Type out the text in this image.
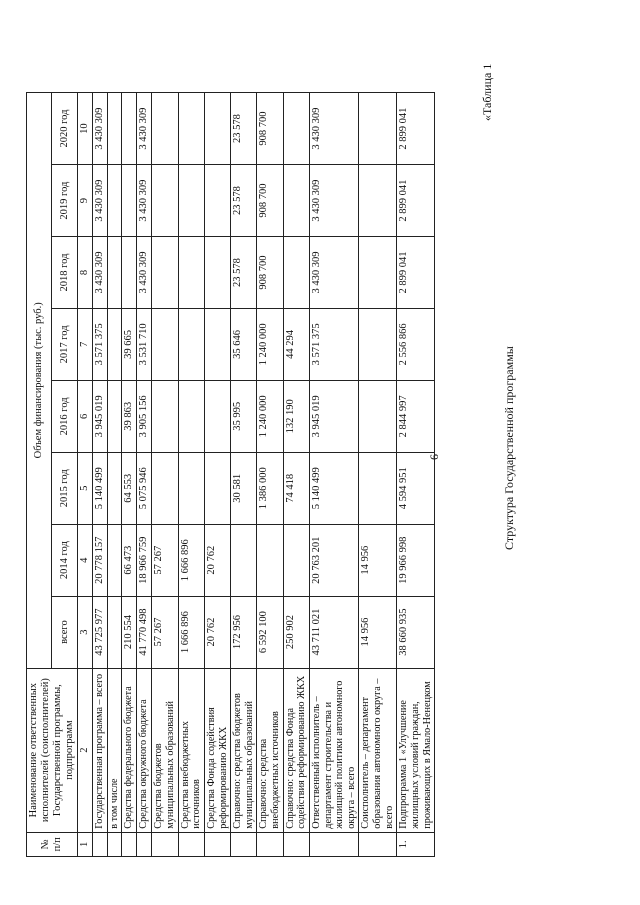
6
«Таблица 1
Структура Государственной программы
№ п/п	Наименование ответственных исполнителей (соисполнителей) Государственной программы, подпрограмм	Объем финансирования (тыс. руб.)							
		всего	2014 год	2015 год	2016 год	2017 год	2018 год	2019 год	2020 год
1	2	3	4	5	6	7	8	9	10
	Государственная программа – всего	43 725 977	20 778 157	5 140 499	3 945 019	3 571 375	3 430 309	3 430 309	3 430 309
	в том числе								
	Средства федерального бюджета	210 554	66 473	64 553	39 863	39 665			
	Средства окружного бюджета	41 770 498	18 966 759	5 075 946	3 905 156	3 531 710	3 430 309	3 430 309	3 430 309
	Средства бюджетов муниципальных образований	57 267	57 267						
	Средства внебюджетных источников	1 666 896	1 666 896						
	Средства Фонда содействия реформированию ЖКХ	20 762	20 762						
	Справочно: средства бюджетов муниципальных образований	172 956		30 581	35 995	35 646	23 578	23 578	23 578
	Справочно: средства внебюджетных источников	6 592 100		1 386 000	1 240 000	1 240 000	908 700	908 700	908 700
	Справочно: средства Фонда содействия реформированию ЖКХ	250 902		74 418	132 190	44 294			
	Ответственный исполнитель – департамент строительства и жилищной политики автономного округа – всего	43 711 021	20 763 201	5 140 499	3 945 019	3 571 375	3 430 309	3 430 309	3 430 309
	Соисполнитель – департамент образования автономного округа – всего	14 956	14 956						
1.	Подпрограмма 1 «Улучшение жилищных условий граждан, проживающих в Ямало-Ненецком	38 660 935	19 966 998	4 594 951	2 844 997	2 556 866	2 899 041	2 899 041	2 899 041
